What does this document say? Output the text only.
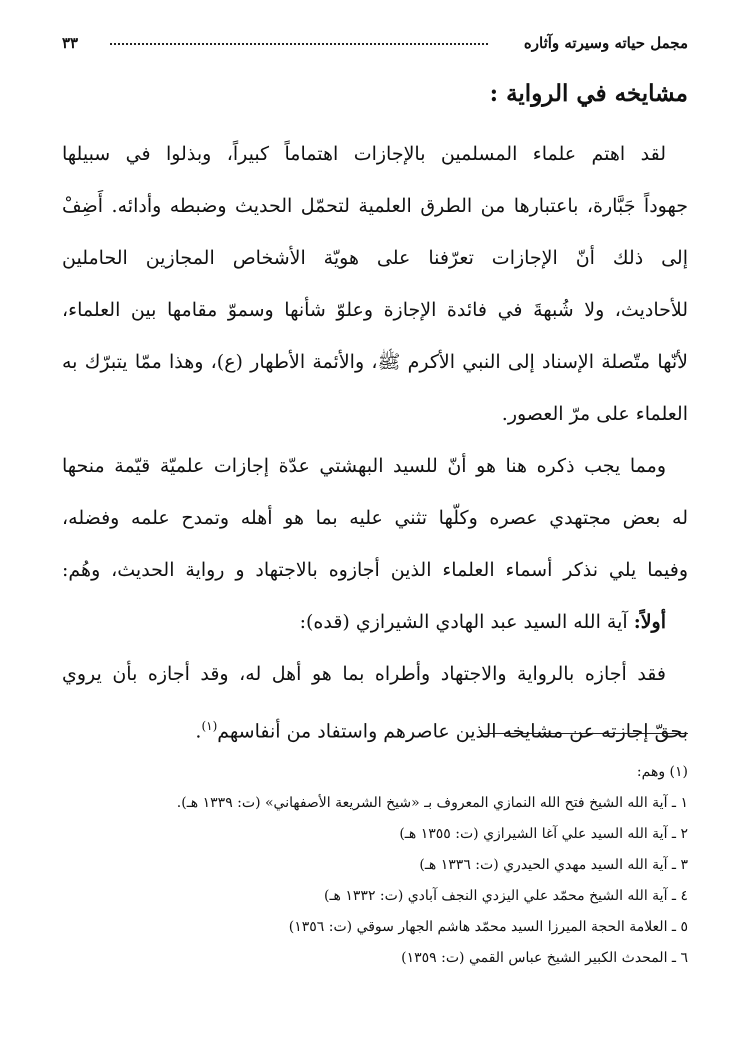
مجمل حياته وسيرته وآثاره
٣٣
مشايخه في الرواية :
لقد اهتم علماء المسلمين بالإجازات اهتماماً كبيراً، وبذلوا في سبيلها
جهوداً جَبَّارة، باعتبارها من الطرق العلمية لتحمّل الحديث وضبطه وأدائه. أَضِفْ
إلى ذلك أنّ الإجازات تعرّفنا على هويّة الأشخاص المجازين الحاملين
للأحاديث، ولا شُبهةَ في فائدة الإجازة وعلوّ شأنها وسموّ مقامها بين العلماء،
لأنّها متّصلة الإسناد إلى النبي الأكرم ﷺ، والأئمة الأطهار (ع)، وهذا ممّا يتبرّك به
العلماء على مرّ العصور.
ومما يجب ذكره هنا هو أنّ للسيد البهشتي عدّة إجازات علميّة قيّمة منحها
له بعض مجتهدي عصره وكلّها تثني عليه بما هو أهله وتمدح علمه وفضله،
وفيما يلي نذكر أسماء العلماء الذين أجازوه بالاجتهاد و رواية الحديث، وهُم:
أولاً: آية الله السيد عبد الهادي الشيرازي (قده):
فقد أجازه بالرواية والاجتهاد وأطراه بما هو أهل له، وقد أجازه بأن يروي
بحقّ إجازته عن مشايخه الذين عاصرهم واستفاد من أنفاسهم$^{(١)}$.
(١) وهم:
١ ـ آية الله الشيخ فتح الله النمازي المعروف بـ «شيخ الشريعة الأصفهاني» (ت: ١٣٣٩ هـ).
٢ ـ آية الله السيد علي آغا الشيرازي (ت: ١٣٥٥ هـ)
٣ ـ آية الله السيد مهدي الحيدري (ت: ١٣٣٦ هـ)
٤ ـ آية الله الشيخ محمّد علي اليزدي النجف آبادي (ت: ١٣٣٢ هـ)
٥ ـ العلامة الحجة الميرزا السيد محمّد هاشم الجهار سوقي (ت: ١٣٥٦)
٦ ـ المحدث الكبير الشيخ عباس القمي (ت: ١٣٥٩)
